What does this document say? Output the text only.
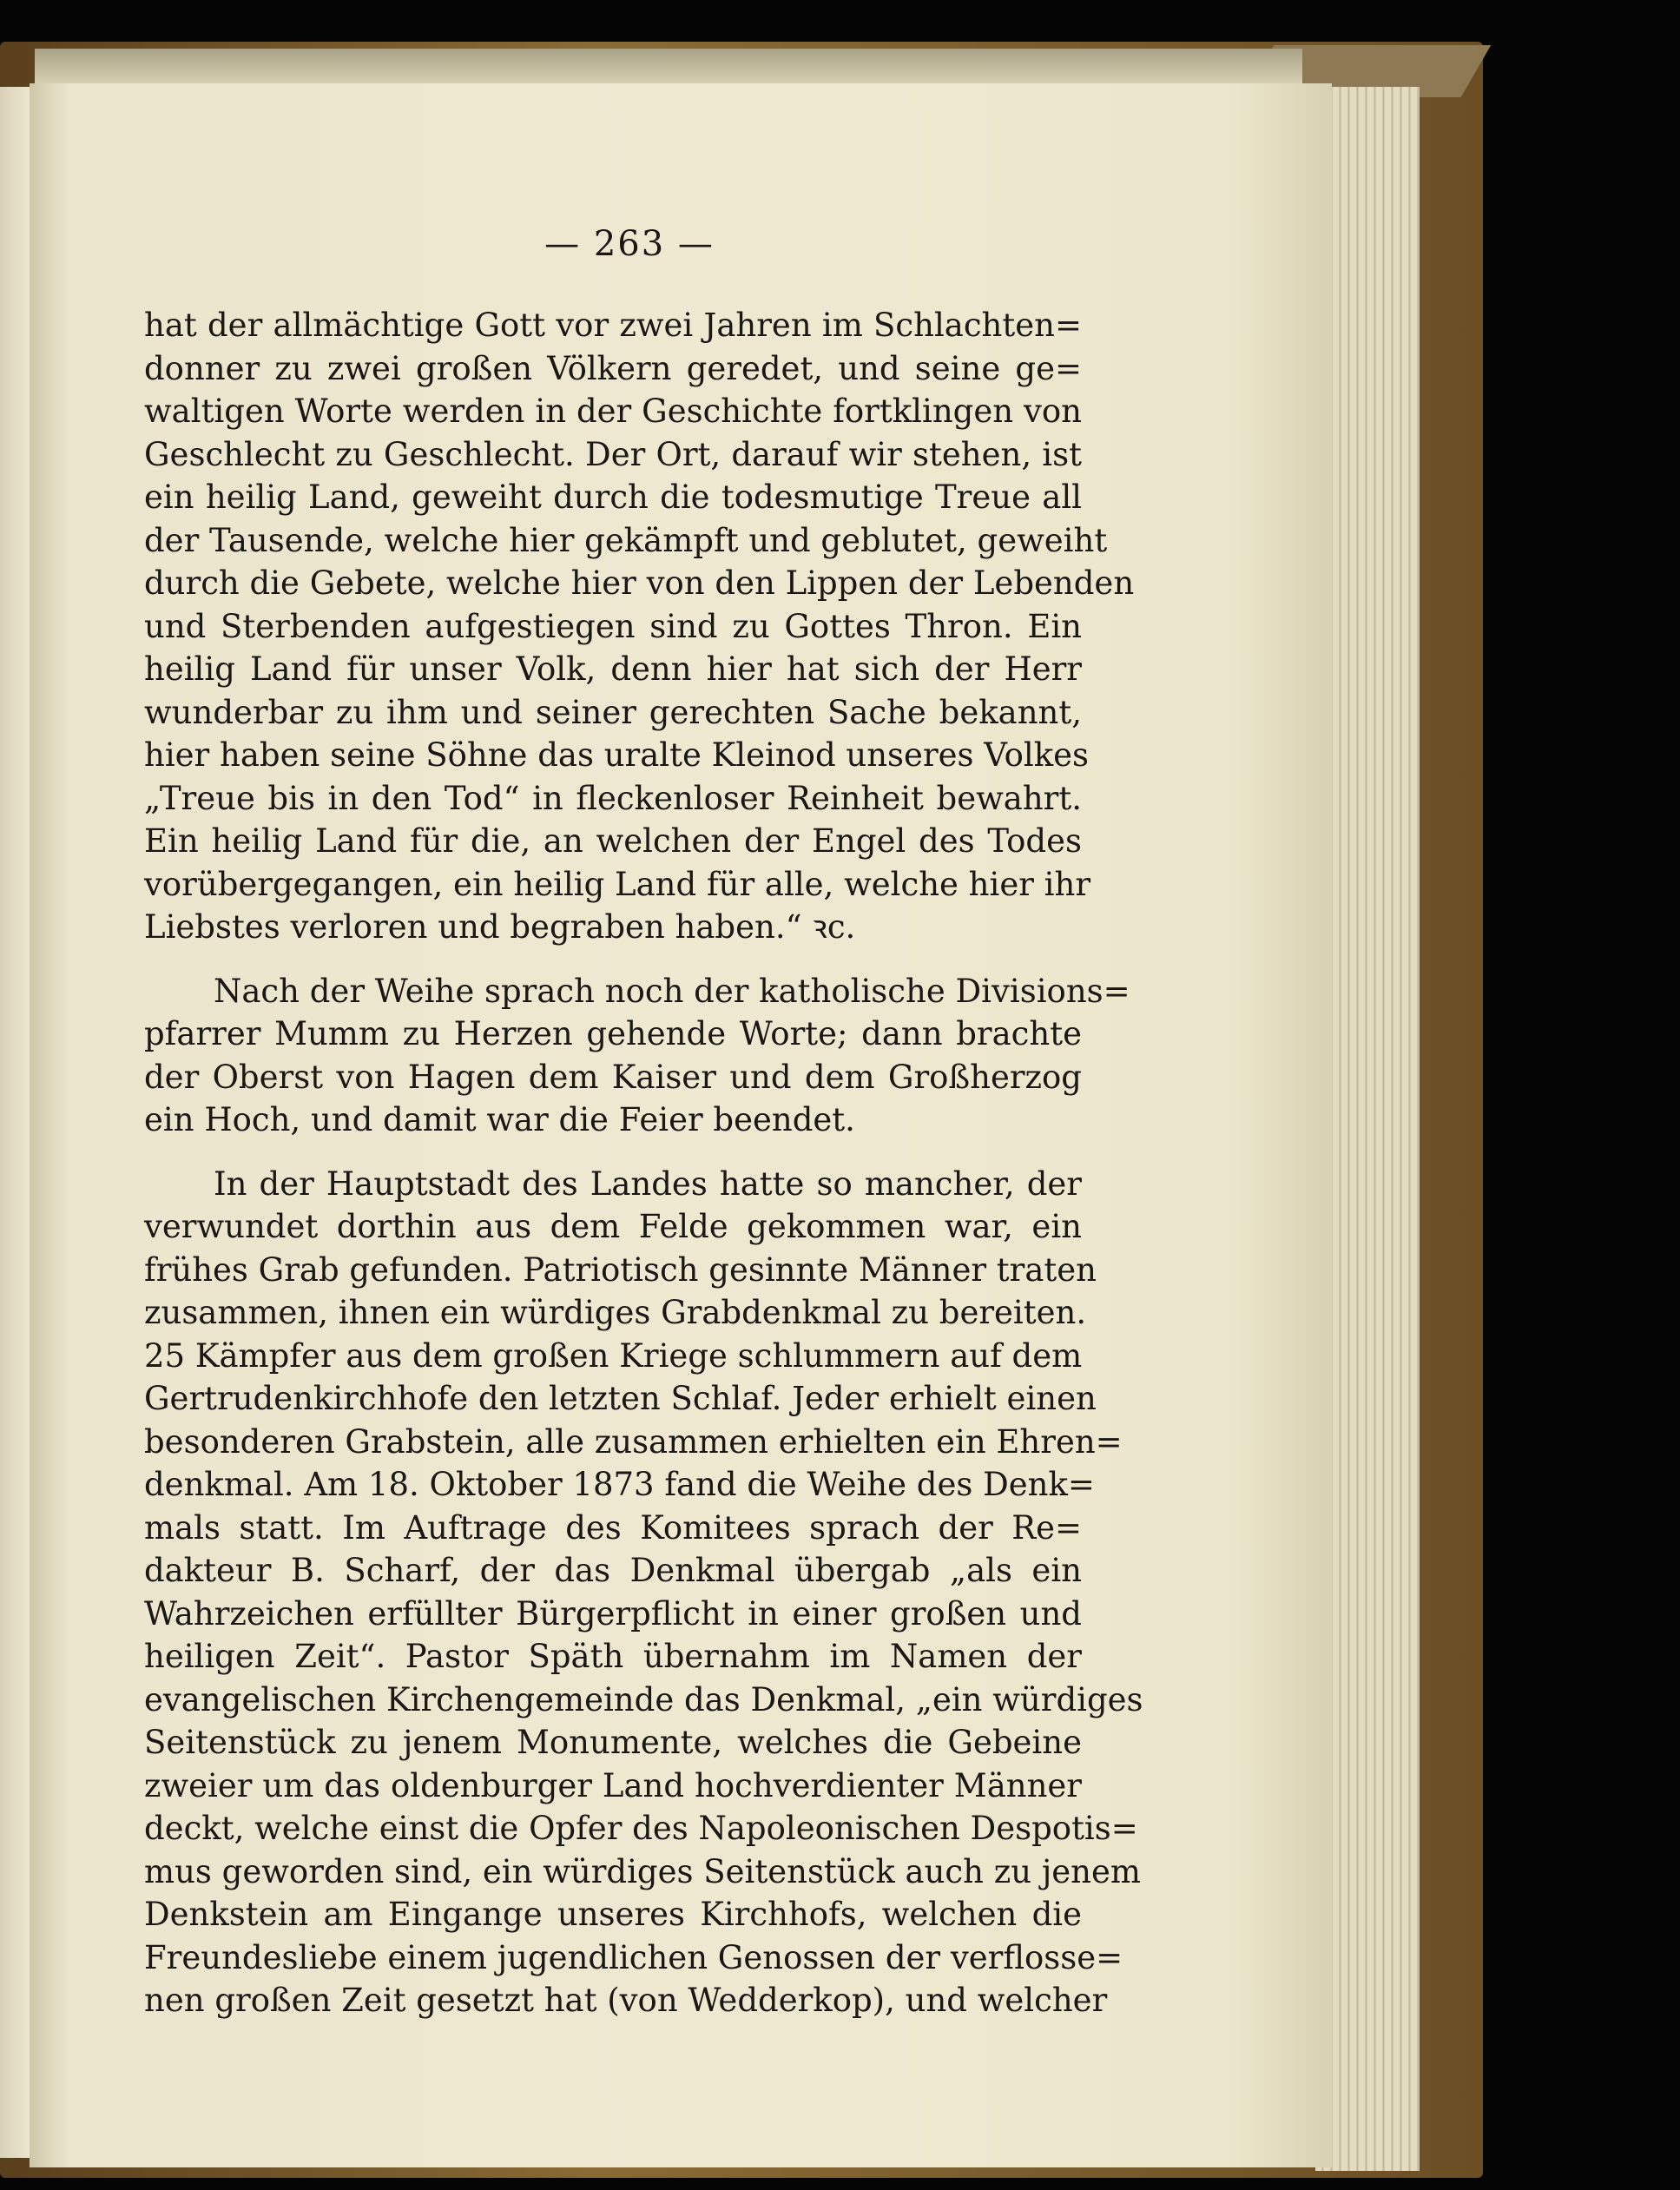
— 263 —
hat der allmächtige Gott vor zwei Jahren im Schlachten=
donner zu zwei großen Völkern geredet, und seine ge=
waltigen Worte werden in der Geschichte fortklingen von
Geschlecht zu Geschlecht. Der Ort, darauf wir stehen, ist
ein heilig Land, geweiht durch die todesmutige Treue all
der Tausende, welche hier gekämpft und geblutet, geweiht
durch die Gebete, welche hier von den Lippen der Lebenden
und Sterbenden aufgestiegen sind zu Gottes Thron. Ein
heilig Land für unser Volk, denn hier hat sich der Herr
wunderbar zu ihm und seiner gerechten Sache bekannt,
hier haben seine Söhne das uralte Kleinod unseres Volkes
„Treue bis in den Tod“ in fleckenloser Reinheit bewahrt.
Ein heilig Land für die, an welchen der Engel des Todes
vorübergegangen, ein heilig Land für alle, welche hier ihr
Liebstes verloren und begraben haben.“ ꝛc.
Nach der Weihe sprach noch der katholische Divisions=
pfarrer Mumm zu Herzen gehende Worte; dann brachte
der Oberst von Hagen dem Kaiser und dem Großherzog
ein Hoch, und damit war die Feier beendet.
In der Hauptstadt des Landes hatte so mancher, der
verwundet dorthin aus dem Felde gekommen war, ein
frühes Grab gefunden. Patriotisch gesinnte Männer traten
zusammen, ihnen ein würdiges Grabdenkmal zu bereiten.
25 Kämpfer aus dem großen Kriege schlummern auf dem
Gertrudenkirchhofe den letzten Schlaf. Jeder erhielt einen
besonderen Grabstein, alle zusammen erhielten ein Ehren=
denkmal. Am 18. Oktober 1873 fand die Weihe des Denk=
mals statt. Im Auftrage des Komitees sprach der Re=
dakteur B. Scharf, der das Denkmal übergab „als ein
Wahrzeichen erfüllter Bürgerpflicht in einer großen und
heiligen Zeit“. Pastor Späth übernahm im Namen der
evangelischen Kirchengemeinde das Denkmal, „ein würdiges
Seitenstück zu jenem Monumente, welches die Gebeine
zweier um das oldenburger Land hochverdienter Männer
deckt, welche einst die Opfer des Napoleonischen Despotis=
mus geworden sind, ein würdiges Seitenstück auch zu jenem
Denkstein am Eingange unseres Kirchhofs, welchen die
Freundesliebe einem jugendlichen Genossen der verflosse=
nen großen Zeit gesetzt hat (von Wedderkop), und welcher
